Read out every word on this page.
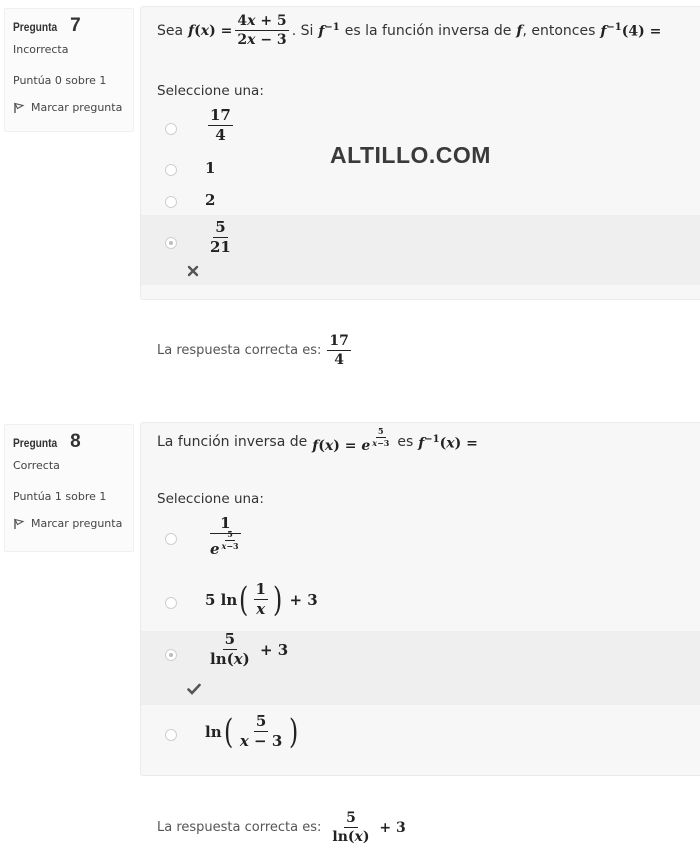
Pregunta 7
Incorrecta
Puntúa 0 sobre 1
Marcar pregunta
Sea $f(x) = \frac{4x + 5}{2x - 3}$ . Si $f^{-1}$ es la función inversa de f , entonces $f^{-1}(4)$ =
Seleccione una:
$\frac{17}{4}$
1
2
$\frac{5}{21}$
ALTILLO.COM
La respuesta correcta es: $\frac{17}{4}$
Pregunta 8
Correcta
Puntúa 1 sobre 1
Marcar pregunta
La función inversa de f(x) = e $^{\frac{5}{x-3}}$ es $f^{-1}(x)$ =
Seleccione una:
1
e $^{\frac{5}{x-3}}$
5 ln ( $\frac{1}{x}$ ) + 3
$\frac{5}{\ln(x)} + 3$
ln ( $\frac{5}{x - 3}$ )
La respuesta correcta es: $\frac{5}{\ln(x)} + 3$
